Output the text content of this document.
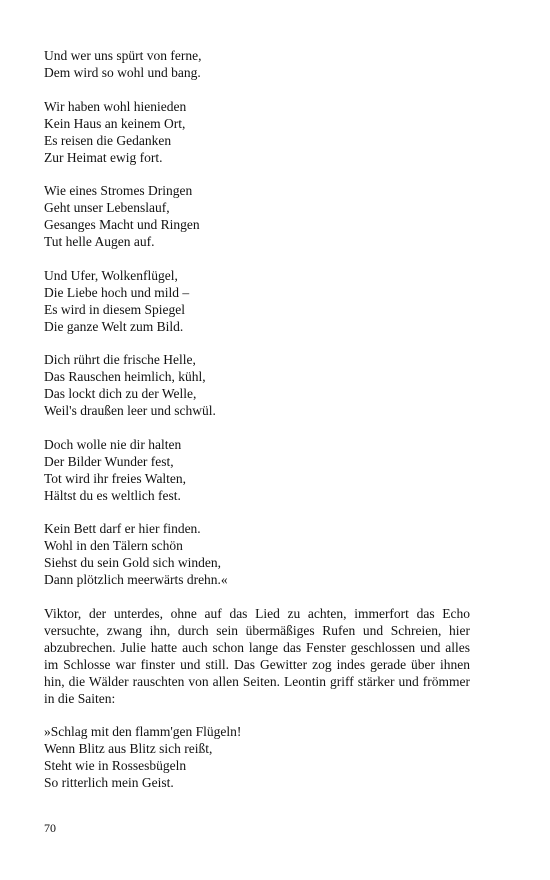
Und wer uns spürt von ferne,
Dem wird so wohl und bang.
Wir haben wohl hienieden
Kein Haus an keinem Ort,
Es reisen die Gedanken
Zur Heimat ewig fort.
Wie eines Stromes Dringen
Geht unser Lebenslauf,
Gesanges Macht und Ringen
Tut helle Augen auf.
Und Ufer, Wolkenflügel,
Die Liebe hoch und mild –
Es wird in diesem Spiegel
Die ganze Welt zum Bild.
Dich rührt die frische Helle,
Das Rauschen heimlich, kühl,
Das lockt dich zu der Welle,
Weil's draußen leer und schwül.
Doch wolle nie dir halten
Der Bilder Wunder fest,
Tot wird ihr freies Walten,
Hältst du es weltlich fest.
Kein Bett darf er hier finden.
Wohl in den Tälern schön
Siehst du sein Gold sich winden,
Dann plötzlich meerwärts drehn.«

Viktor, der unterdes, ohne auf das Lied zu achten, immerfort das Echo versuchte, zwang ihn, durch sein übermäßiges Rufen und Schreien, hier abzubrechen. Julie hatte auch schon lange das Fenster geschlossen und alles im Schlosse war finster und still. Das Gewitter zog indes gerade über ihnen hin, die Wälder rauschten von allen Seiten. Leontin griff stärker und frömmer in die Saiten:

»Schlag mit den flamm'gen Flügeln!
Wenn Blitz aus Blitz sich reißt,
Steht wie in Rossesbügeln
So ritterlich mein Geist.
70
